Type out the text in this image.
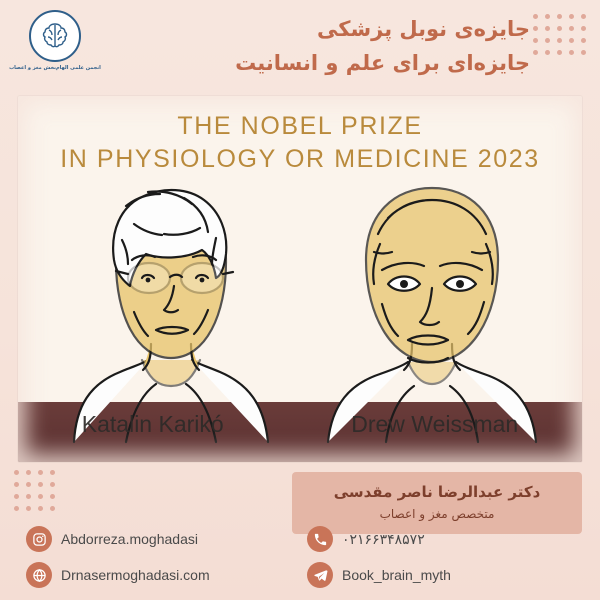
انجمن علمی الهام‌بخش مغز و اعصاب
جایزه‌ی نوبل پزشکی
جایزه‌ای برای علم و انسانیت
THE NOBEL PRIZE
IN PHYSIOLOGY OR MEDICINE 2023
Katalin Karikó	Drew Weissman
دکتر عبدالرضا ناصر مقدسی
متخصص مغز و اعصاب
۰۲۱۶۶۳۴۸۵۷۲
Abdorreza.moghadasi
Book_brain_myth
Drnasermoghadasi.com
